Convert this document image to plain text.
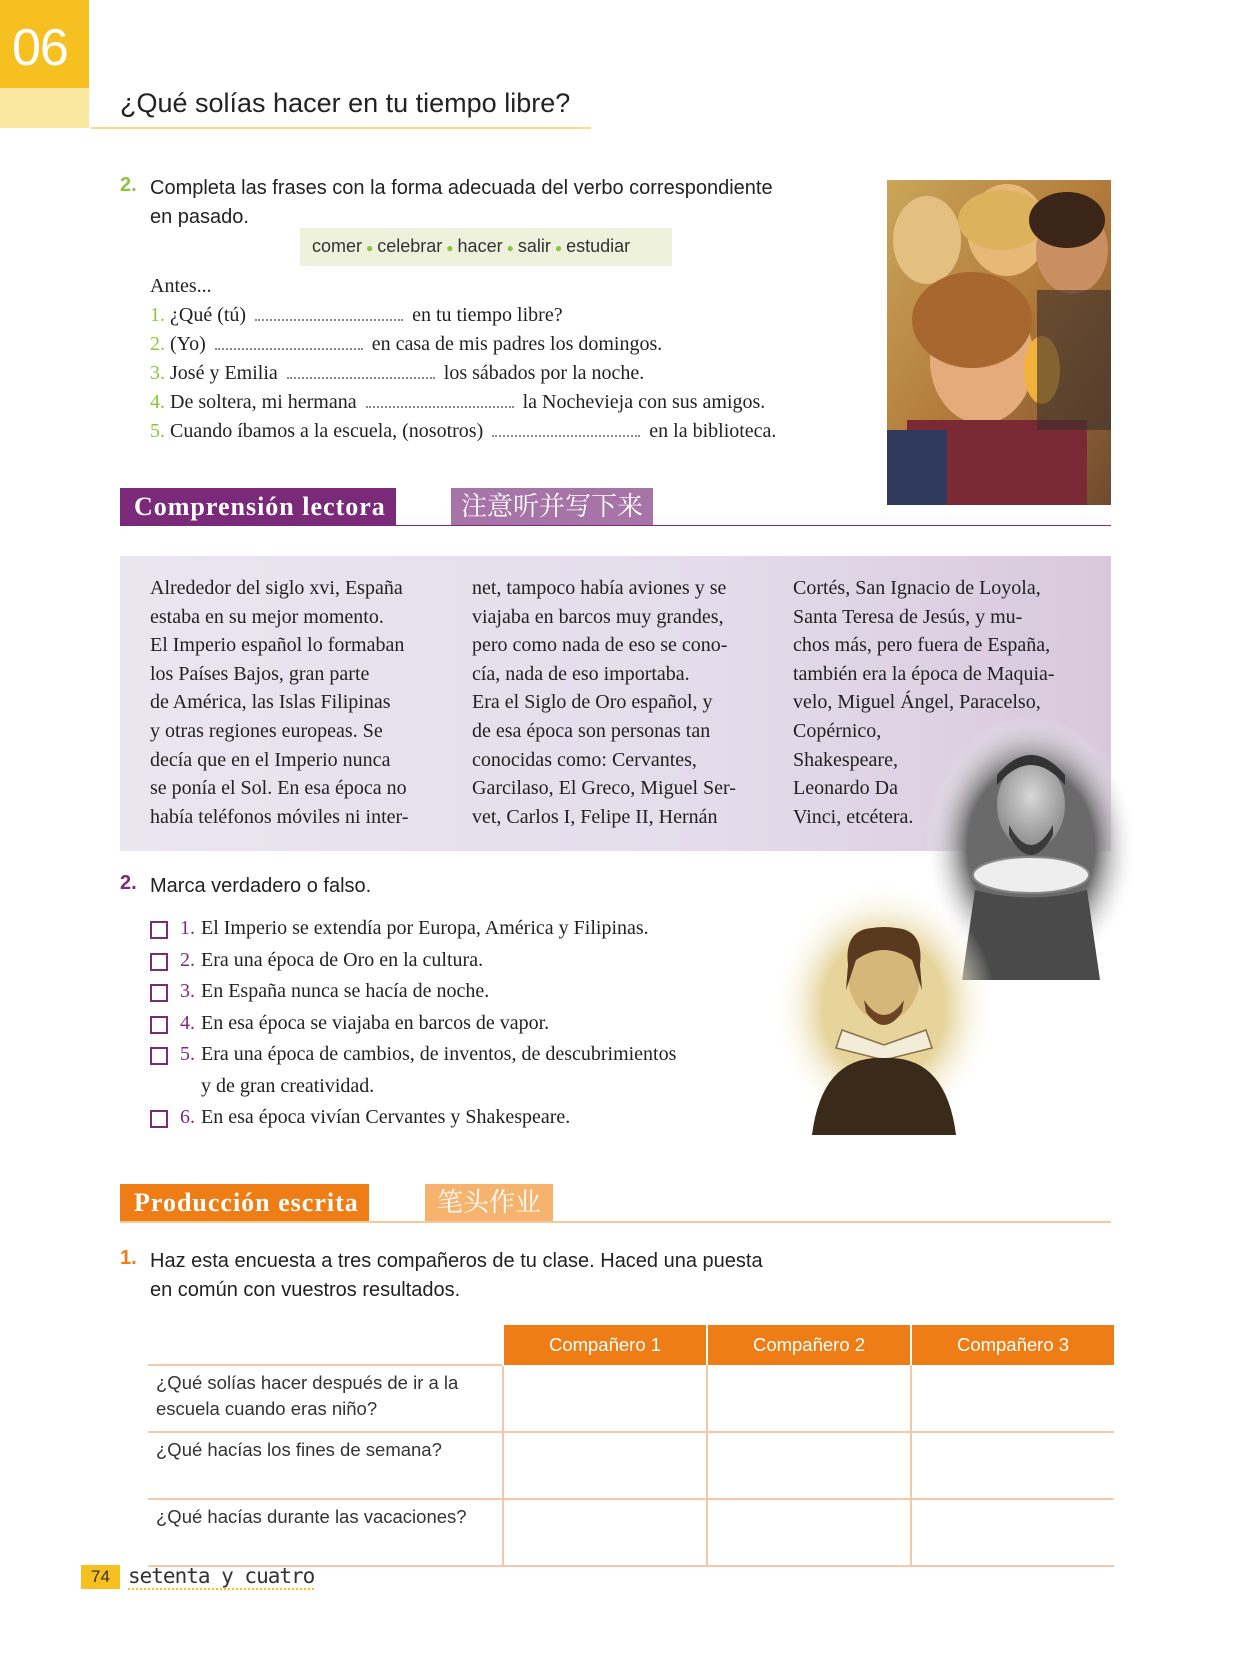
06
¿Qué solías hacer en tu tiempo libre?
2. Completa las frases con la forma adecuada del verbo correspondiente
en pasado.
comer ● celebrar ● hacer ● salir ● estudiar
Antes...
1. ¿Qué (tú)	en tu tiempo libre?
2. (Yo)	en casa de mis padres los domingos.
3. José y Emilia	los sábados por la noche.
4. De soltera, mi hermana	la Nochevieja con sus amigos.
5. Cuando íbamos a la escuela, (nosotros)	en la biblioteca.
Comprensión lectora	注意听并写下来
Alrededor del siglo xvi, España
estaba en su mejor momento.
El Imperio español lo formaban
los Países Bajos, gran parte
de América, las Islas Filipinas
y otras regiones europeas. Se
decía que en el Imperio nunca
se ponía el Sol. En esa época no
había teléfonos móviles ni inter-
net, tampoco había aviones y se
viajaba en barcos muy grandes,
pero como nada de eso se cono-
cía, nada de eso importaba.
Era el Siglo de Oro español, y
de esa época son personas tan
conocidas como: Cervantes,
Garcilaso, El Greco, Miguel Ser-
vet, Carlos I, Felipe II, Hernán
Cortés, San Ignacio de Loyola,
Santa Teresa de Jesús, y mu-
chos más, pero fuera de España,
también era la época de Maquia-
velo, Miguel Ángel, Paracelso,
Copérnico,
Shakespeare,
Leonardo Da
Vinci, etcétera.
2. Marca verdadero o falso.
1. El Imperio se extendía por Europa, América y Filipinas.
2. Era una época de Oro en la cultura.
3. En España nunca se hacía de noche.
4. En esa época se viajaba en barcos de vapor.
5. Era una época de cambios, de inventos, de descubrimientos
y de gran creatividad.
6. En esa época vivían Cervantes y Shakespeare.
Producción escrita	笔头作业
1. Haz esta encuesta a tres compañeros de tu clase. Haced una puesta
en común con vuestros resultados.
	Compañero 1	Compañero 2	Compañero 3
¿Qué solías hacer después de ir a la escuela cuando eras niño?			
¿Qué hacías los fines de semana?			
¿Qué hacías durante las vacaciones?			
74 setenta y cuatro
